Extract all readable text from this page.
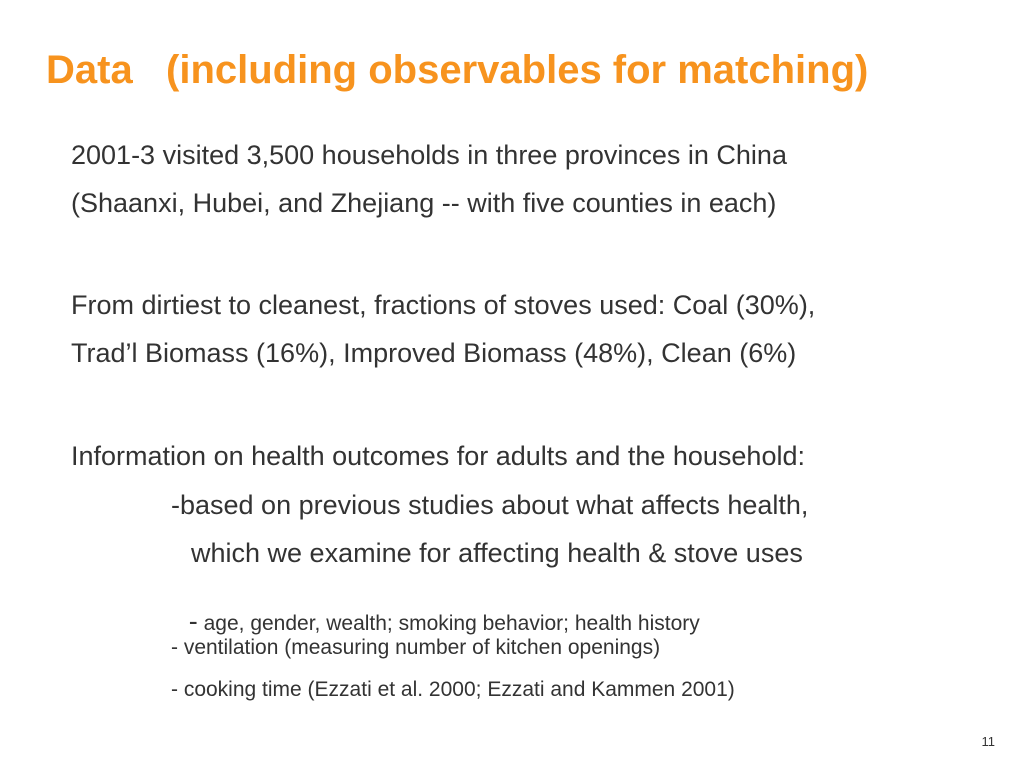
Data   (including observables for matching)
2001-3 visited 3,500 households in three provinces in China
(Shaanxi, Hubei, and Zhejiang -- with five counties in each)
From dirtiest to cleanest, fractions of stoves used: Coal (30%),
Trad’l Biomass (16%), Improved Biomass (48%), Clean (6%)
Information on health outcomes for adults and the household:
-based on previous studies about what affects health,
which we examine for affecting health & stove uses

- age, gender, wealth; smoking behavior; health history

- ventilation (measuring number of kitchen openings)
- cooking time (Ezzati et al. 2000; Ezzati and Kammen 2001)
11
